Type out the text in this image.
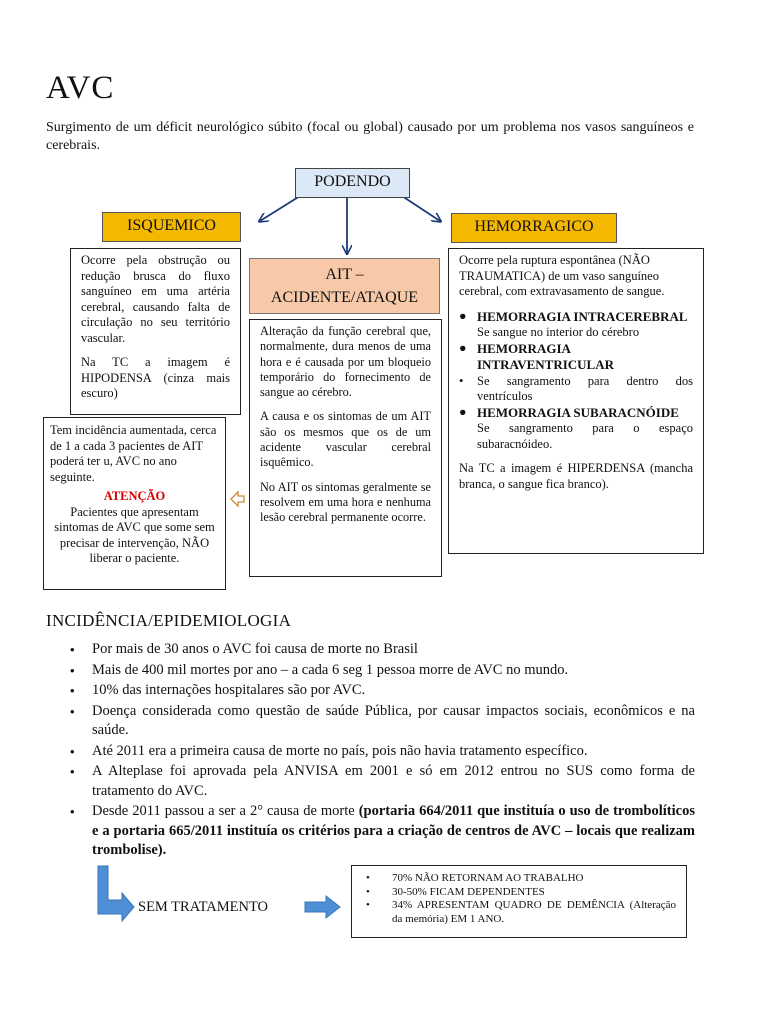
AVC
Surgimento de um déficit neurológico súbito (focal ou global) causado por um problema nos vasos sanguíneos e cerebrais.
PODENDO
ISQUEMICO	HEMORRAGICO
AIT –
ACIDENTE/ATAQUE

Ocorre pela obstrução ou redução brusca do fluxo sanguíneo em uma artéria cerebral, causando falta de circulação no seu território vascular.

Na TC a imagem é HIPODENSA (cinza mais escuro)

Alteração da função cerebral que, normalmente, dura menos de uma hora e é causada por um bloqueio temporário do fornecimento de sangue ao cérebro.

A causa e os sintomas de um AIT são os mesmos que os de um acidente vascular cerebral isquêmico.

No AIT os sintomas geralmente se resolvem em uma hora e nenhuma lesão cerebral permanente ocorre.

Ocorre pela ruptura espontânea (NÃO TRAUMATICA) de um vaso sanguíneo cerebral, com extravasamento de sangue.

● HEMORRAGIA INTRACEREBRAL
Se sangue no interior do cérebro
● HEMORRAGIA INTRAVENTRICULAR
• Se sangramento para dentro dos ventrículos
● HEMORRAGIA SUBARACNÓIDE
Se sangramento para o espaço subaracnóideo.

Na TC a imagem é HIPERDENSA (mancha branca, o sangue fica branco).

Tem incidência aumentada, cerca de 1 a cada 3 pacientes de AIT poderá ter u, AVC no ano seguinte.
ATENÇÃO
Pacientes que apresentam sintomas de AVC que some sem precisar de intervenção, NÃO liberar o paciente.
INCIDÊNCIA/EPIDEMIOLOGIA
• Por mais de 30 anos o AVC foi causa de morte no Brasil
• Mais de 400 mil mortes por ano – a cada 6 seg 1 pessoa morre de AVC no mundo.
• 10% das internações hospitalares são por AVC.
• Doença considerada como questão de saúde Pública, por causar impactos sociais, econômicos e na saúde.
• Até 2011 era a primeira causa de morte no país, pois não havia tratamento específico.
• A Alteplase foi aprovada pela ANVISA em 2001 e só em 2012 entrou no SUS como forma de tratamento do AVC.
• Desde 2011 passou a ser a 2° causa de morte (portaria 664/2011 que instituía o uso de trombolíticos e a portaria 665/2011 instituía os critérios para a criação de centros de AVC – locais que realizam trombolise).
SEM TRATAMENTO
• 70% NÃO RETORNAM AO TRABALHO
• 30-50% FICAM DEPENDENTES
• 34% APRESENTAM QUADRO DE DEMÊNCIA (Alteração da memória) EM 1 ANO.
